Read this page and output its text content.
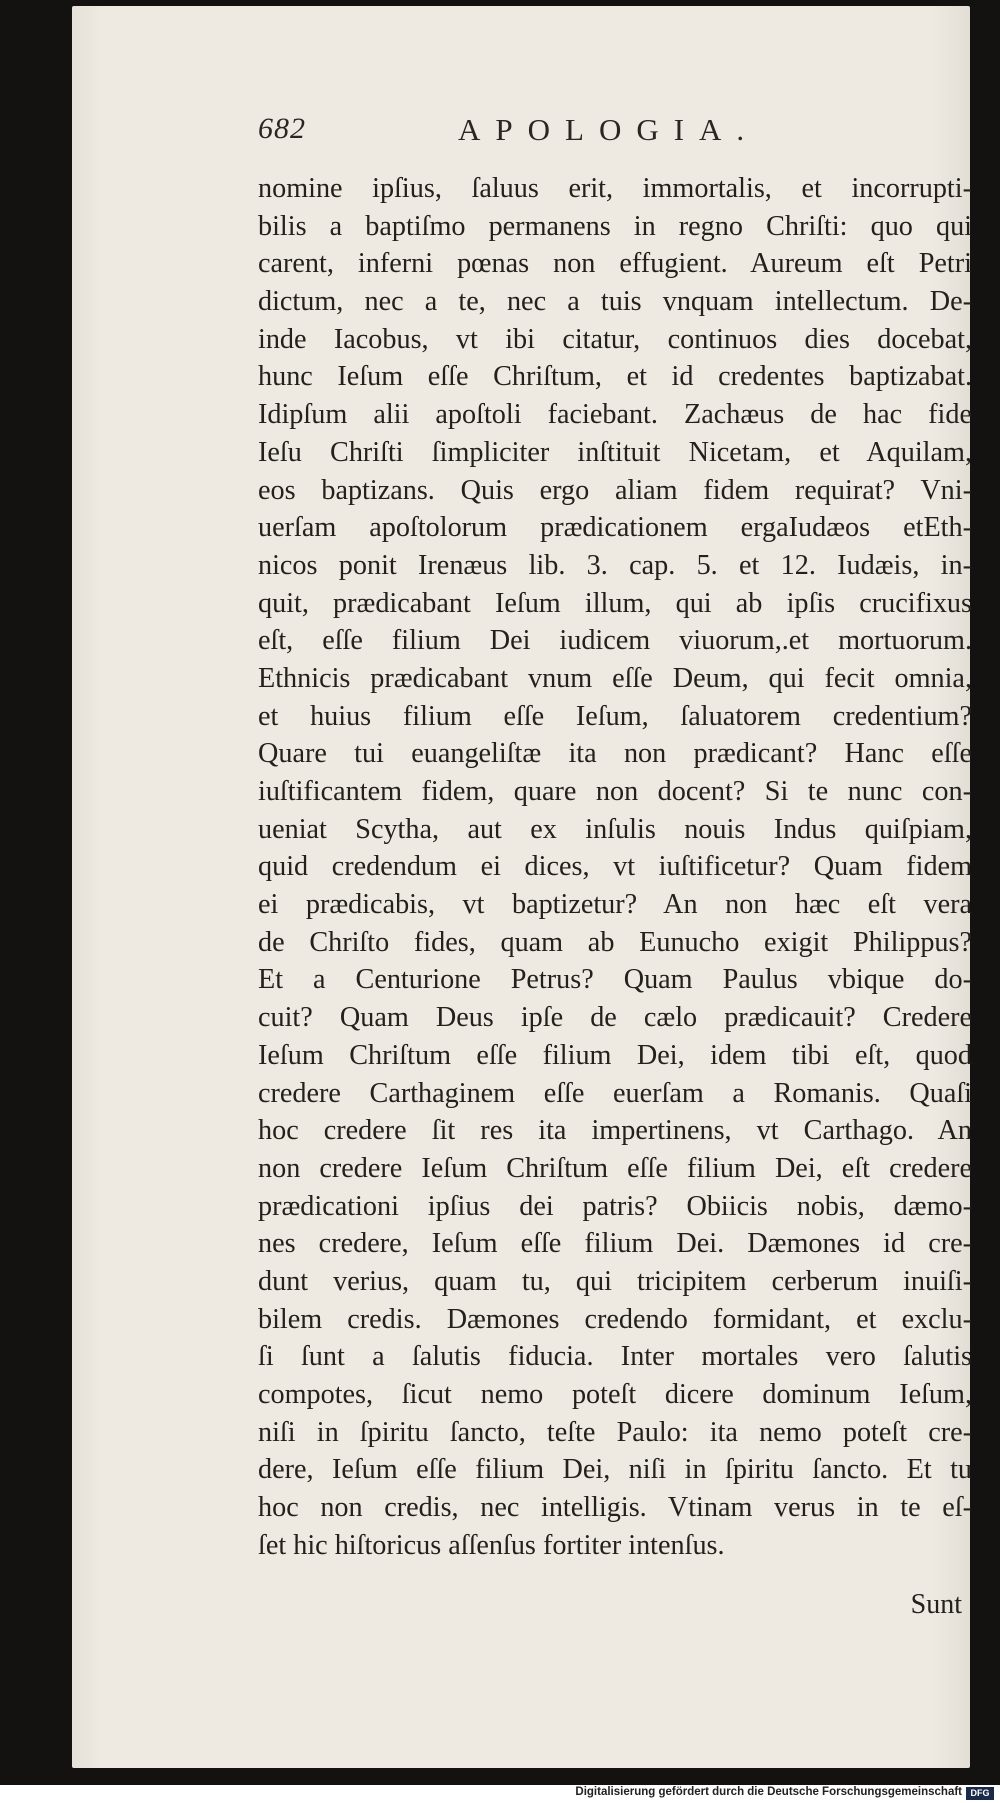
682	APOLOGIA.
nomine ipſius, ſaluus erit, immortalis, et incorrupti-
bilis a baptiſmo permanens in regno Chriſti: quo qui
carent, inferni pœnas non effugient. Aureum eſt Petri
dictum, nec a te, nec a tuis vnquam intellectum. De-
inde Iacobus, vt ibi citatur, continuos dies docebat,
hunc Ieſum eſſe Chriſtum, et id credentes baptizabat.
Idipſum alii apoſtoli faciebant. Zachæus de hac fide
Ieſu Chriſti ſimpliciter inſtituit Nicetam, et Aquilam,
eos baptizans. Quis ergo aliam fidem requirat? Vni-
uerſam apoſtolorum prædicationem ergaIudæos etEth-
nicos ponit Irenæus lib. 3. cap. 5. et 12. Iudæis, in-
quit, prædicabant Ieſum illum, qui ab ipſis crucifixus
eſt, eſſe filium Dei iudicem viuorum,.et mortuorum.
Ethnicis prædicabant vnum eſſe Deum, qui fecit omnia,
et huius filium eſſe Ieſum, ſaluatorem credentium?
Quare tui euangeliſtæ ita non prædicant? Hanc eſſe
iuſtificantem fidem, quare non docent? Si te nunc con-
ueniat Scytha, aut ex inſulis nouis Indus quiſpiam,
quid credendum ei dices, vt iuſtificetur? Quam fidem
ei prædicabis, vt baptizetur? An non hæc eſt vera
de Chriſto fides, quam ab Eunucho exigit Philippus?
Et a Centurione Petrus? Quam Paulus vbique do-
cuit? Quam Deus ipſe de cælo prædicauit? Credere
Ieſum Chriſtum eſſe filium Dei, idem tibi eſt, quod
credere Carthaginem eſſe euerſam a Romanis. Quaſi
hoc credere ſit res ita impertinens, vt Carthago. An
non credere Ieſum Chriſtum eſſe filium Dei, eſt credere
prædicationi ipſius dei patris? Obiicis nobis, dæmo-
nes credere, Ieſum eſſe filium Dei. Dæmones id cre-
dunt verius, quam tu, qui tricipitem cerberum inuiſi-
bilem credis. Dæmones credendo formidant, et exclu-
ſi ſunt a ſalutis fiducia. Inter mortales vero ſalutis
compotes, ſicut nemo poteſt dicere dominum Ieſum,
niſi in ſpiritu ſancto, teſte Paulo: ita nemo poteſt cre-
dere, Ieſum eſſe filium Dei, niſi in ſpiritu ſancto. Et tu
hoc non credis, nec intelligis. Vtinam verus in te eſ-
ſet hic hiſtoricus aſſenſus fortiter intenſus.
Sunt
Digitalisierung gefördert durch die Deutsche Forschungsgemeinschaft DFG
